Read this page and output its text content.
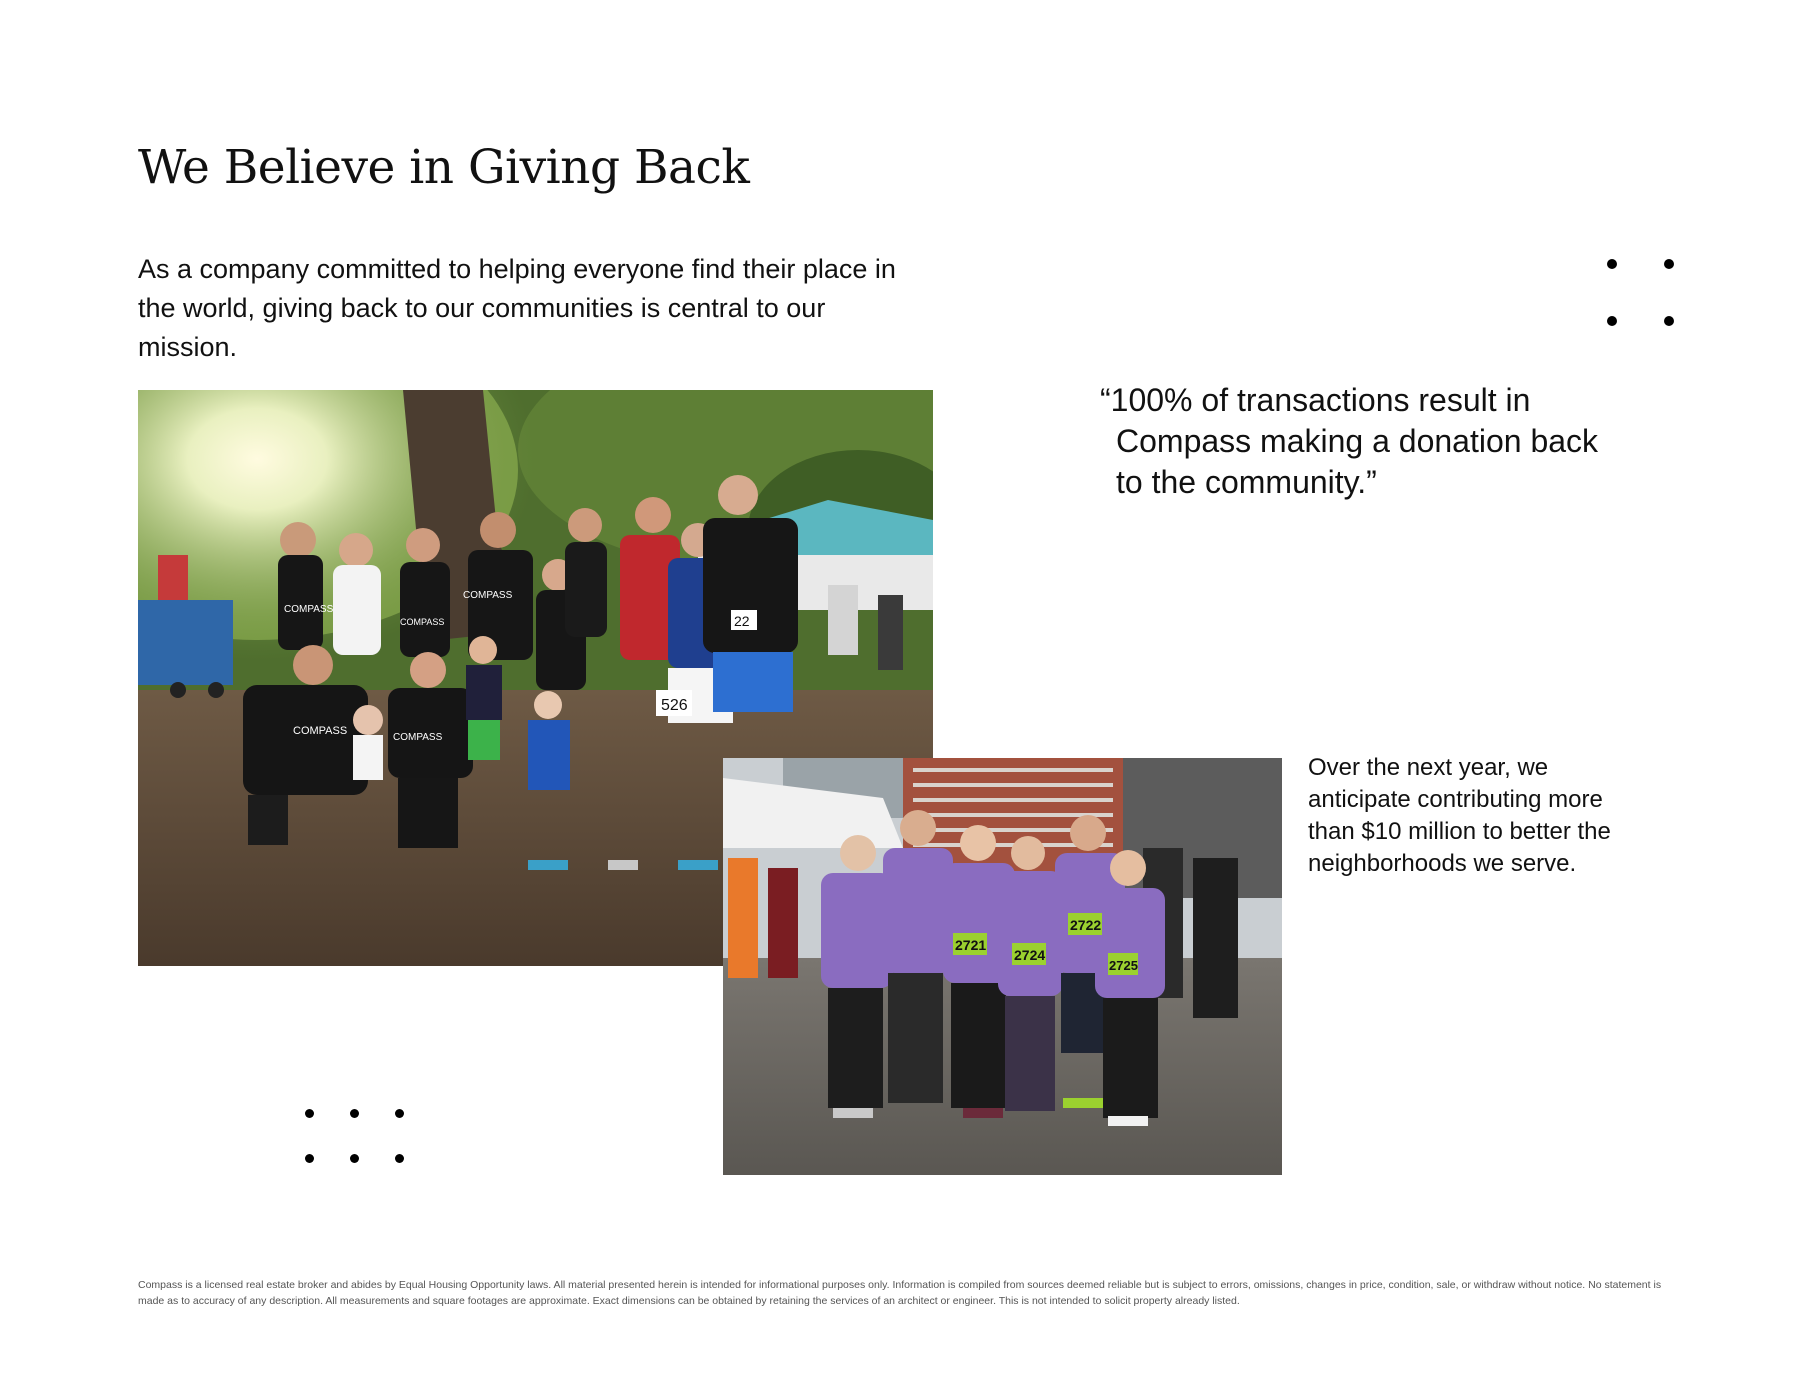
We Believe in Giving Back

As a company committed to helping everyone find their place in the world, giving back to our communities is central to our mission.

“100% of transactions result in
Compass making a donation back
to the community.”
526
22
COMPASS
COMPASS
COMPASS
COMPASS
COMPASS
2721
2724
2722
2725

Over the next year, we anticipate contributing more than $10 million to better the neighborhoods we serve.

Compass is a licensed real estate broker and abides by Equal Housing Opportunity laws. All material presented herein is intended for informational purposes only. Information is compiled from sources deemed reliable but is subject to errors, omissions, changes in price, condition, sale, or withdraw without notice. No statement is made as to accuracy of any description. All measurements and square footages are approximate. Exact dimensions can be obtained by retaining the services of an architect or engineer. This is not intended to solicit property already listed.
